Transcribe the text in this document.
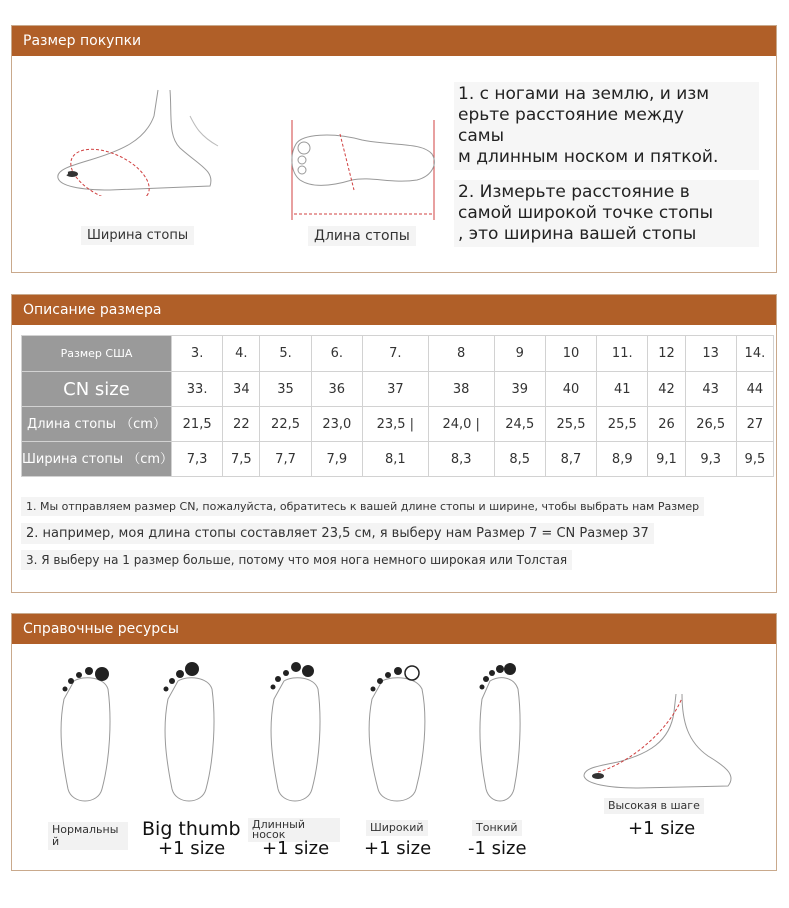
Размер покупки
Ширина стопы	Длина стопы
1. с ногами на землю, и изм
ерьте расстояние между
самы
м длинным носком и пяткой.
2. Измерьте расстояние в
самой широкой точке стопы
, это ширина вашей стопы
Описание размера
Размер США	3.	4.	5.	6.	7.	8	9	10	11.	12	13	14.
CN size	33.	34	35	36	37	38	39	40	41	42	43	44
Длина стопы （cm）	21,5	22	22,5	23,0	23,5 |	24,0 |	24,5	25,5	25,5	26	26,5	27
Ширина стопы （cm）	7,3	7,5	7,7	7,9	8,1	8,3	8,5	8,7	8,9	9,1	9,3	9,5
1. Мы отправляем размер CN, пожалуйста, обратитесь к вашей длине стопы и ширине, чтобы выбрать нам Размер
2. например, моя длина стопы составляет 23,5 см, я выберу нам Размер 7 = CN Размер 37
3. Я выберу на 1 размер больше, потому что моя нога немного широкая или Толстая
Справочные ресурсы
Нормальны й
Big thumb
+1 size
Длинный носок
+1 size
Широкий
+1 size
Тонкий
-1 size
Высокая в шаге
+1 size
